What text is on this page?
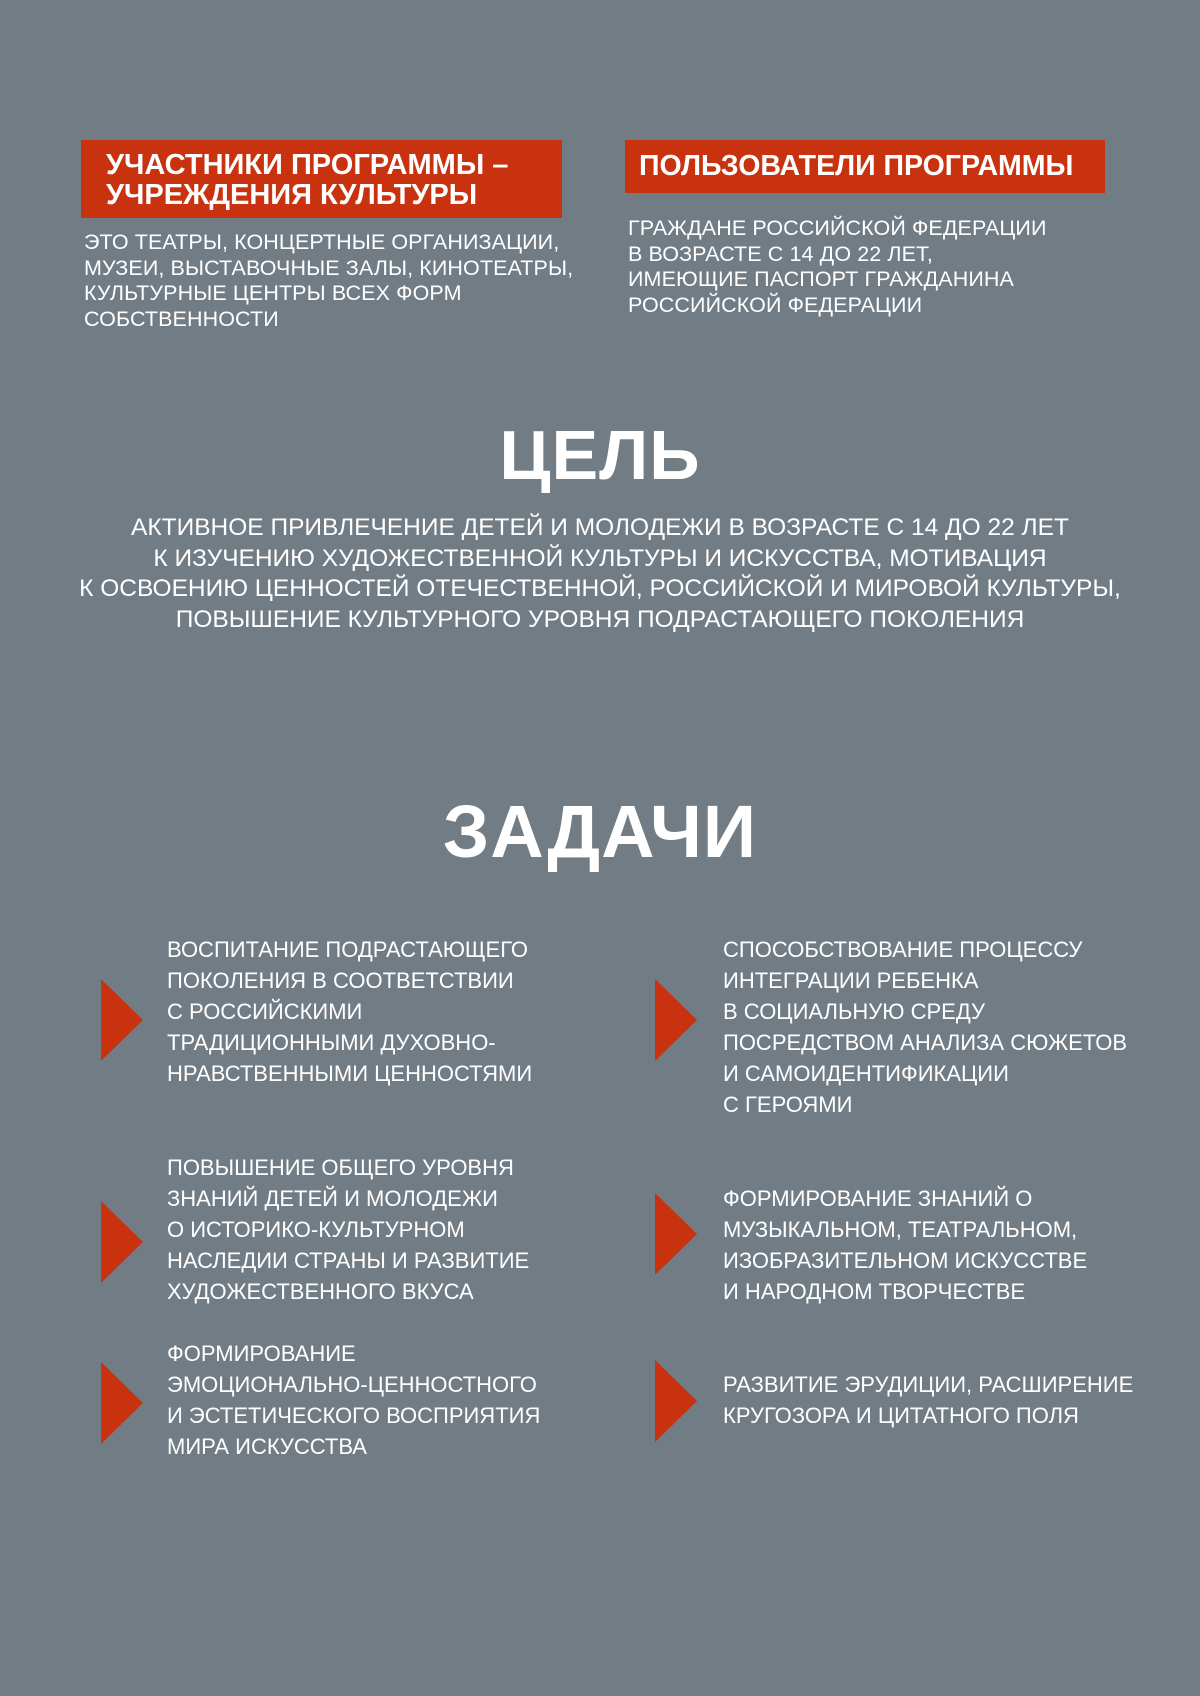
УЧАСТНИКИ ПРОГРАММЫ –
УЧРЕЖДЕНИЯ КУЛЬТУРЫ
ЭТО ТЕАТРЫ, КОНЦЕРТНЫЕ ОРГАНИЗАЦИИ,
МУЗЕИ, ВЫСТАВОЧНЫЕ ЗАЛЫ, КИНОТЕАТРЫ,
КУЛЬТУРНЫЕ ЦЕНТРЫ ВСЕХ ФОРМ
СОБСТВЕННОСТИ
ПОЛЬЗОВАТЕЛИ ПРОГРАММЫ
ГРАЖДАНЕ РОССИЙСКОЙ ФЕДЕРАЦИИ
В ВОЗРАСТЕ С 14 ДО 22 ЛЕТ,
ИМЕЮЩИЕ ПАСПОРТ ГРАЖДАНИНА
РОССИЙСКОЙ ФЕДЕРАЦИИ
ЦЕЛЬ
АКТИВНОЕ ПРИВЛЕЧЕНИЕ ДЕТЕЙ И МОЛОДЕЖИ В ВОЗРАСТЕ С 14 ДО 22 ЛЕТ
К ИЗУЧЕНИЮ ХУДОЖЕСТВЕННОЙ КУЛЬТУРЫ И ИСКУССТВА, МОТИВАЦИЯ
К ОСВОЕНИЮ ЦЕННОСТЕЙ ОТЕЧЕСТВЕННОЙ, РОССИЙСКОЙ И МИРОВОЙ КУЛЬТУРЫ,
ПОВЫШЕНИЕ КУЛЬТУРНОГО УРОВНЯ ПОДРАСТАЮЩЕГО ПОКОЛЕНИЯ
ЗАДАЧИ
ВОСПИТАНИЕ ПОДРАСТАЮЩЕГО
ПОКОЛЕНИЯ В СООТВЕТСТВИИ
С РОССИЙСКИМИ
ТРАДИЦИОННЫМИ ДУХОВНО-
НРАВСТВЕННЫМИ ЦЕННОСТЯМИ
СПОСОБСТВОВАНИЕ ПРОЦЕССУ
ИНТЕГРАЦИИ РЕБЕНКА
В СОЦИАЛЬНУЮ СРЕДУ
ПОСРЕДСТВОМ АНАЛИЗА СЮЖЕТОВ
И САМОИДЕНТИФИКАЦИИ
С ГЕРОЯМИ
ПОВЫШЕНИЕ ОБЩЕГО УРОВНЯ
ЗНАНИЙ ДЕТЕЙ И МОЛОДЕЖИ
О ИСТОРИКО-КУЛЬТУРНОМ
НАСЛЕДИИ СТРАНЫ И РАЗВИТИЕ
ХУДОЖЕСТВЕННОГО ВКУСА
ФОРМИРОВАНИЕ ЗНАНИЙ О
МУЗЫКАЛЬНОМ, ТЕАТРАЛЬНОМ,
ИЗОБРАЗИТЕЛЬНОМ ИСКУССТВЕ
И НАРОДНОМ ТВОРЧЕСТВЕ
ФОРМИРОВАНИЕ
ЭМОЦИОНАЛЬНО-ЦЕННОСТНОГО
И ЭСТЕТИЧЕСКОГО ВОСПРИЯТИЯ
МИРА ИСКУССТВА
РАЗВИТИЕ ЭРУДИЦИИ, РАСШИРЕНИЕ
КРУГОЗОРА И ЦИТАТНОГО ПОЛЯ
